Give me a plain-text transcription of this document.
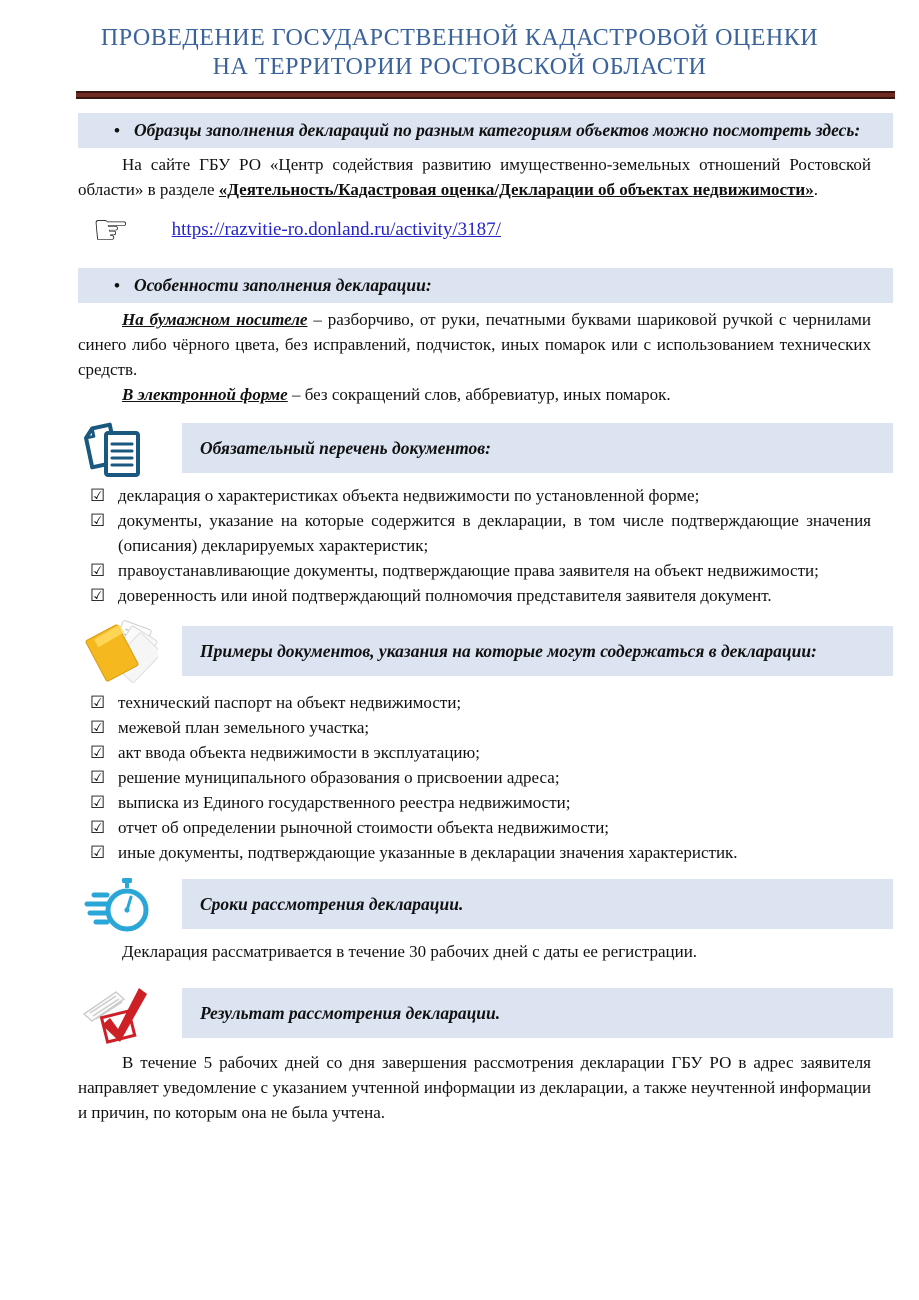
ПРОВЕДЕНИЕ ГОСУДАРСТВЕННОЙ КАДАСТРОВОЙ ОЦЕНКИ НА ТЕРРИТОРИИ РОСТОВСКОЙ ОБЛАСТИ
• Образцы заполнения деклараций по разным категориям объектов можно посмотреть здесь:

На сайте ГБУ РО «Центр содействия развитию имущественно-земельных отношений Ростовской области» в разделе «Деятельность/Кадастровая оценка/Декларации об объектах недвижимости».

☞ https://razvitie-ro.donland.ru/activity/3187/
• Особенности заполнения декларации:

На бумажном носителе – разборчиво, от руки, печатными буквами шариковой ручкой с чернилами синего либо чёрного цвета, без исправлений, подчисток, иных помарок или с использованием технических средств.

В электронной форме – без сокращений слов, аббревиатур, иных помарок.

Обязательный перечень документов:
☑ декларация о характеристиках объекта недвижимости по установленной форме;
☑ документы, указание на которые содержится в декларации, в том числе подтверждающие значения (описания) декларируемых характеристик;
☑ правоустанавливающие документы, подтверждающие права заявителя на объект недвижимости;
☑ доверенность или иной подтверждающий полномочия представителя заявителя документ.
Примеры документов, указания на которые могут содержаться в декларации:
☑ технический паспорт на объект недвижимости;
☑ межевой план земельного участка;
☑ акт ввода объекта недвижимости в эксплуатацию;
☑ решение муниципального образования о присвоении адреса;
☑ выписка из Единого государственного реестра недвижимости;
☑ отчет об определении рыночной стоимости объекта недвижимости;
☑ иные документы, подтверждающие указанные в декларации значения характеристик.
Сроки рассмотрения декларации.

Декларация рассматривается в течение 30 рабочих дней с даты ее регистрации.

Результат рассмотрения декларации.

В течение 5 рабочих дней со дня завершения рассмотрения декларации ГБУ РО в адрес заявителя направляет уведомление с указанием учтенной информации из декларации, а также неучтенной информации и причин, по которым она не была учтена.
